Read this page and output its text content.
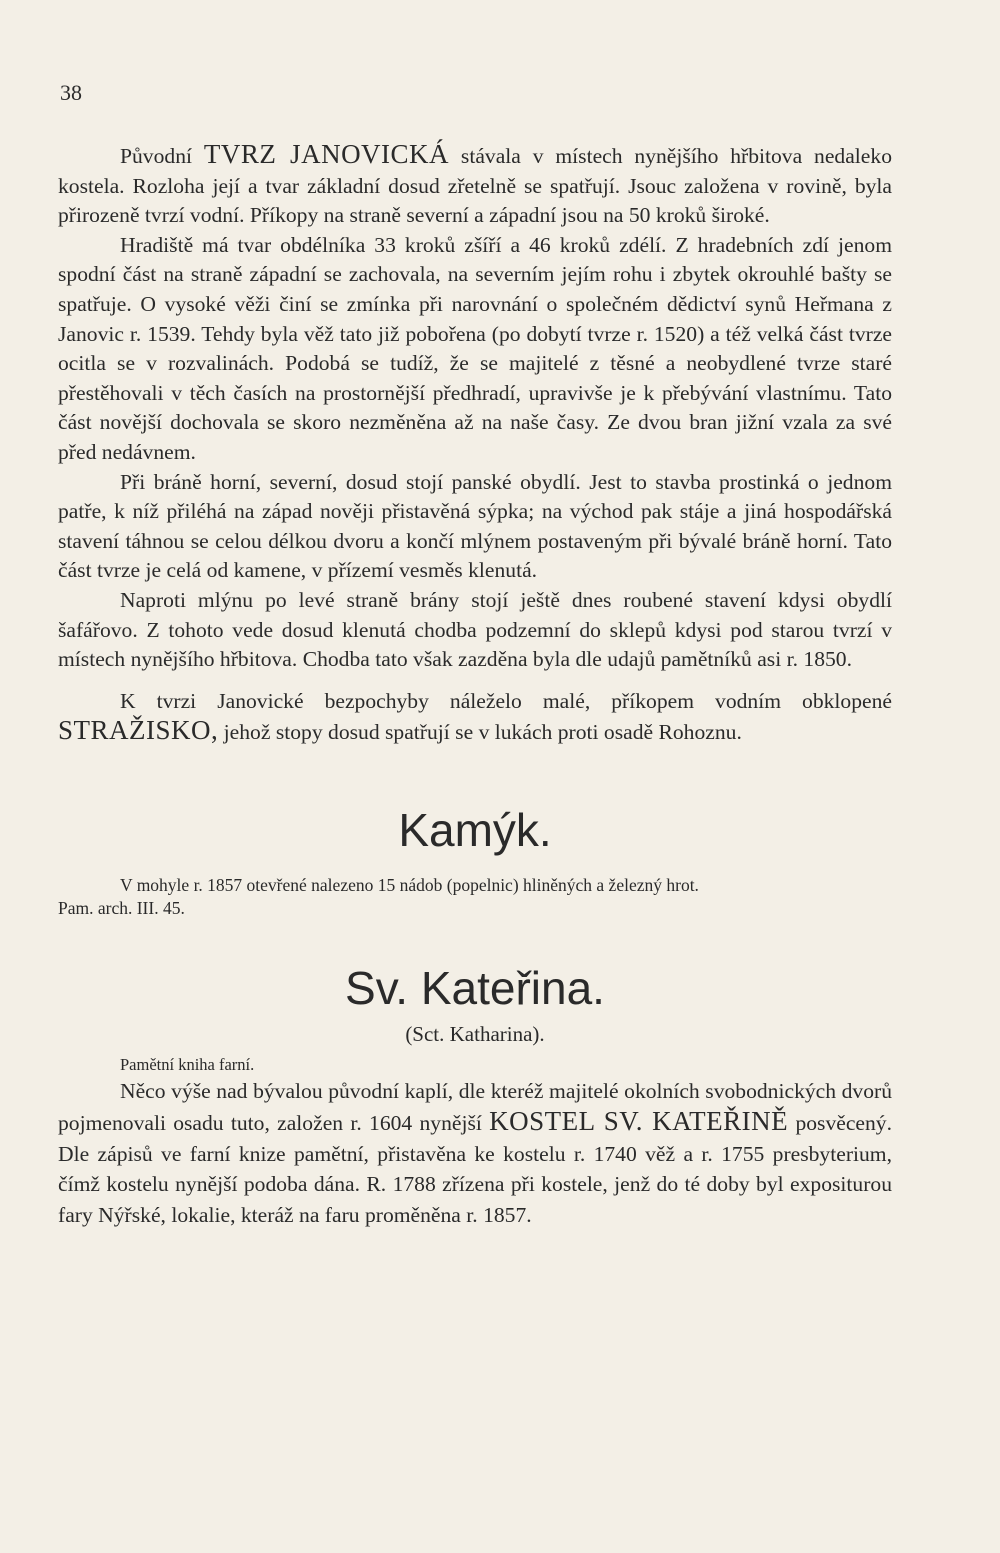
38

Původní TVRZ JANOVICKÁ stávala v místech nynějšího hřbitova nedaleko kostela. Rozloha její a tvar základní dosud zřetelně se spatřují. Jsouc založena v rovině, byla přirozeně tvrzí vodní. Příkopy na straně severní a západní jsou na 50 kroků široké.

Hradiště má tvar obdélníka 33 kroků zšíří a 46 kroků zdélí. Z hradebních zdí jenom spodní část na straně západní se zachovala, na severním jejím rohu i zbytek okrouhlé bašty se spatřuje. O vysoké věži činí se zmínka při narovnání o společném dědictví synů Heřmana z Janovic r. 1539. Tehdy byla věž tato již pobořena (po dobytí tvrze r. 1520) a též velká část tvrze ocitla se v rozvalinách. Podobá se tudíž, že se majitelé z těsné a neobydlené tvrze staré přestěhovali v těch časích na prostornější předhradí, upravivše je k přebývání vlastnímu. Tato část novější dochovala se skoro nezměněna až na naše časy. Ze dvou bran jižní vzala za své před nedávnem.

Při bráně horní, severní, dosud stojí panské obydlí. Jest to stavba prostinká o jednom patře, k níž přiléhá na západ nověji přistavěná sýpka; na východ pak stáje a jiná hospodářská stavení táhnou se celou délkou dvoru a končí mlýnem postaveným při bývalé bráně horní. Tato část tvrze je celá od kamene, v přízemí vesměs klenutá.

Naproti mlýnu po levé straně brány stojí ještě dnes roubené stavení kdysi obydlí šafářovo. Z tohoto vede dosud klenutá chodba podzemní do sklepů kdysi pod starou tvrzí v místech nynějšího hřbitova. Chodba tato však zazděna byla dle udajů pamětníků asi r. 1850.

K tvrzi Janovické bezpochyby náleželo malé, příkopem vodním obklopené STRAŽISKO, jehož stopy dosud spatřují se v lukách proti osadě Rohoznu.

Kamýk.
V mohyle r. 1857 otevřené nalezeno 15 nádob (popelnic) hliněných a železný hrot.
Pam. arch. III. 45.
Sv. Kateřina.
(Sct. Katharina).
Pamětní kniha farní.

Něco výše nad bývalou původní kaplí, dle kteréž majitelé okolních svobodnických dvorů pojmenovali osadu tuto, založen r. 1604 nynější KOSTEL SV. KATEŘINĚ posvěcený. Dle zápisů ve farní knize pamětní, přistavěna ke kostelu r. 1740 věž a r. 1755 presbyterium, čímž kostelu nynější podoba dána. R. 1788 zřízena při kostele, jenž do té doby byl expositurou fary Nýřské, lokalie, kteráž na faru proměněna r. 1857.
